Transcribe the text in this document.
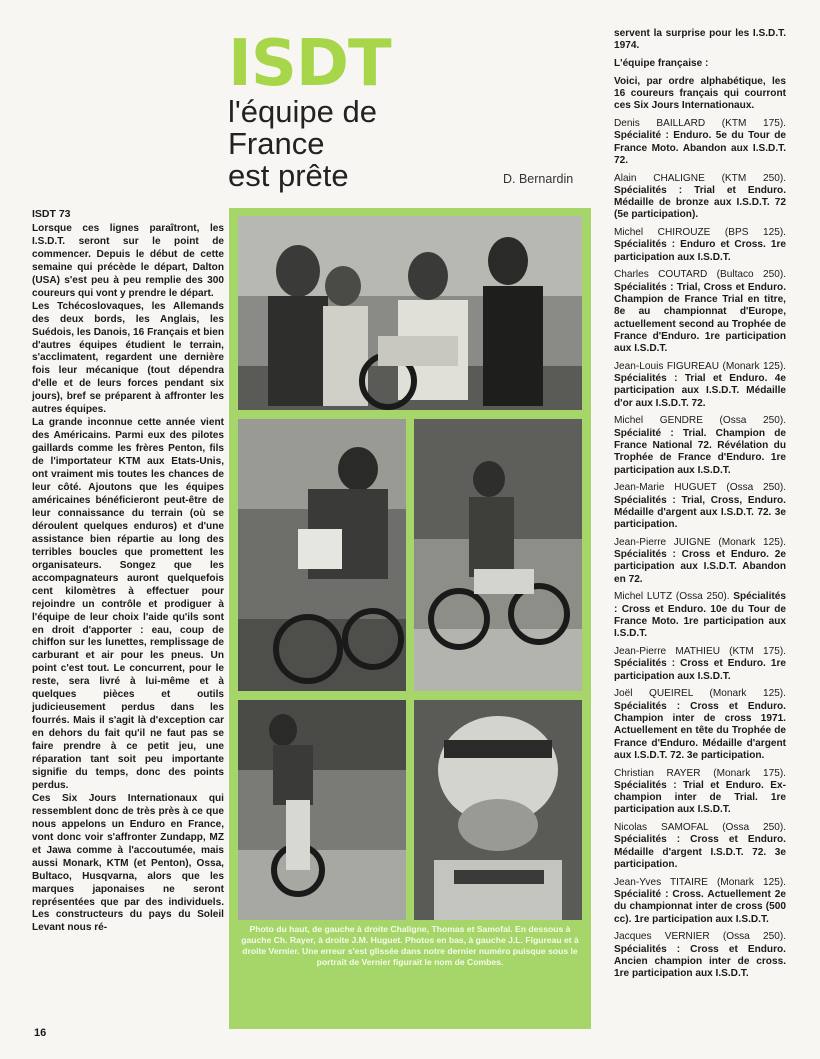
ISDT
l'équipe de
France
est prête	D. Bernardin
ISDT 73

Lorsque ces lignes paraîtront, les I.S.D.T. seront sur le point de commencer. Depuis le début de cette semaine qui précède le départ, Dalton (USA) s'est peu à peu remplie des 300 coureurs qui vont y prendre le départ.

Les Tchécoslovaques, les Allemands des deux bords, les Anglais, les Suédois, les Danois, 16 Français et bien d'autres équipes étudient le terrain, s'acclimatent, regardent une dernière fois leur mécanique (tout dépendra d'elle et de leurs forces pendant six jours), bref se préparent à affronter les autres équipes.

La grande inconnue cette année vient des Américains. Parmi eux des pilotes gaillards comme les frères Penton, fils de l'importateur KTM aux Etats-Unis, ont vraiment mis toutes les chances de leur côté. Ajoutons que les équipes américaines bénéficieront peut-être de leur connaissance du terrain (où se déroulent quelques enduros) et d'une assistance bien répartie au long des terribles boucles que promettent les organisateurs. Songez que les accompagnateurs auront quelquefois cent kilomètres à effectuer pour rejoindre un contrôle et prodiguer à l'équipe de leur choix l'aide qu'ils sont en droit d'apporter : eau, coup de chiffon sur les lunettes, remplissage de carburant et air pour les pneus. Un point c'est tout. Le concurrent, pour le reste, sera livré à lui-même et à quelques pièces et outils judicieusement perdus dans les fourrés. Mais il s'agit là d'exception car en dehors du fait qu'il ne faut pas se faire prendre à ce petit jeu, une réparation tant soit peu importante signifie du temps, donc des points perdus.

Ces Six Jours Internationaux qui ressemblent donc de très près à ce que nous appelons un Enduro en France, vont donc voir s'affronter Zundapp, MZ et Jawa comme à l'accoutumée, mais aussi Monark, KTM (et Penton), Ossa, Bultaco, Husqvarna, alors que les marques japonaises ne seront représentées que par des individuels. Les constructeurs du pays du Soleil Levant nous ré-	Photo du haut, de gauche à droite Chaligne, Thomas et Samofal. En dessous à gauche Ch. Rayer, à droite J.M. Huguet. Photos en bas, à gauche J.L. Figureau et à droite Vernier. Une erreur s'est glissée dans notre dernier numéro puisque sous le portrait de Vernier figurait le nom de Combes.

servent la surprise pour les I.S.D.T. 1974.

L'équipe française :

Voici, par ordre alphabétique, les 16 coureurs français qui courront ces Six Jours Internationaux.

Denis BAILLARD (KTM 175). Spécialité : Enduro. 5e du Tour de France Moto. Abandon aux I.S.D.T. 72.

Alain CHALIGNE (KTM 250). Spécialités : Trial et Enduro. Médaille de bronze aux I.S.D.T. 72 (5e participation).

Michel CHIROUZE (BPS 125). Spécialités : Enduro et Cross. 1re participation aux I.S.D.T.

Charles COUTARD (Bultaco 250). Spécialités : Trial, Cross et Enduro. Champion de France Trial en titre, 8e au championnat d'Europe, actuellement second au Trophée de France d'Enduro. 1re participation aux I.S.D.T.

Jean-Louis FIGUREAU (Monark 125). Spécialités : Trial et Enduro. 4e participation aux I.S.D.T. Médaille d'or aux I.S.D.T. 72.

Michel GENDRE (Ossa 250). Spécialité : Trial. Champion de France National 72. Révélation du Trophée de France d'Enduro. 1re participation aux I.S.D.T.

Jean-Marie HUGUET (Ossa 250). Spécialités : Trial, Cross, Enduro. Médaille d'argent aux I.S.D.T. 72. 3e participation.

Jean-Pierre JUIGNE (Monark 125). Spécialités : Cross et Enduro. 2e participation aux I.S.D.T. Abandon en 72.

Michel LUTZ (Ossa 250). Spécialités : Cross et Enduro. 10e du Tour de France Moto. 1re participation aux I.S.D.T.

Jean-Pierre MATHIEU (KTM 175). Spécialités : Cross et Enduro. 1re participation aux I.S.D.T.

Joël QUEIREL (Monark 125). Spécialités : Cross et Enduro. Champion inter de cross 1971. Actuellement en tête du Trophée de France d'Enduro. Médaille d'argent aux I.S.D.T. 72. 3e participation.

Christian RAYER (Monark 175). Spécialités : Trial et Enduro. Ex-champion inter de Trial. 1re participation aux I.S.D.T.

Nicolas SAMOFAL (Ossa 250). Spécialités : Cross et Enduro. Médaille d'argent I.S.D.T. 72. 3e participation.

Jean-Yves TITAIRE (Monark 125). Spécialité : Cross. Actuellement 2e du championnat inter de cross (500 cc). 1re participation aux I.S.D.T.

Jacques VERNIER (Ossa 250). Spécialités : Cross et Enduro. Ancien champion inter de cross. 1re participation aux I.S.D.T.

16
